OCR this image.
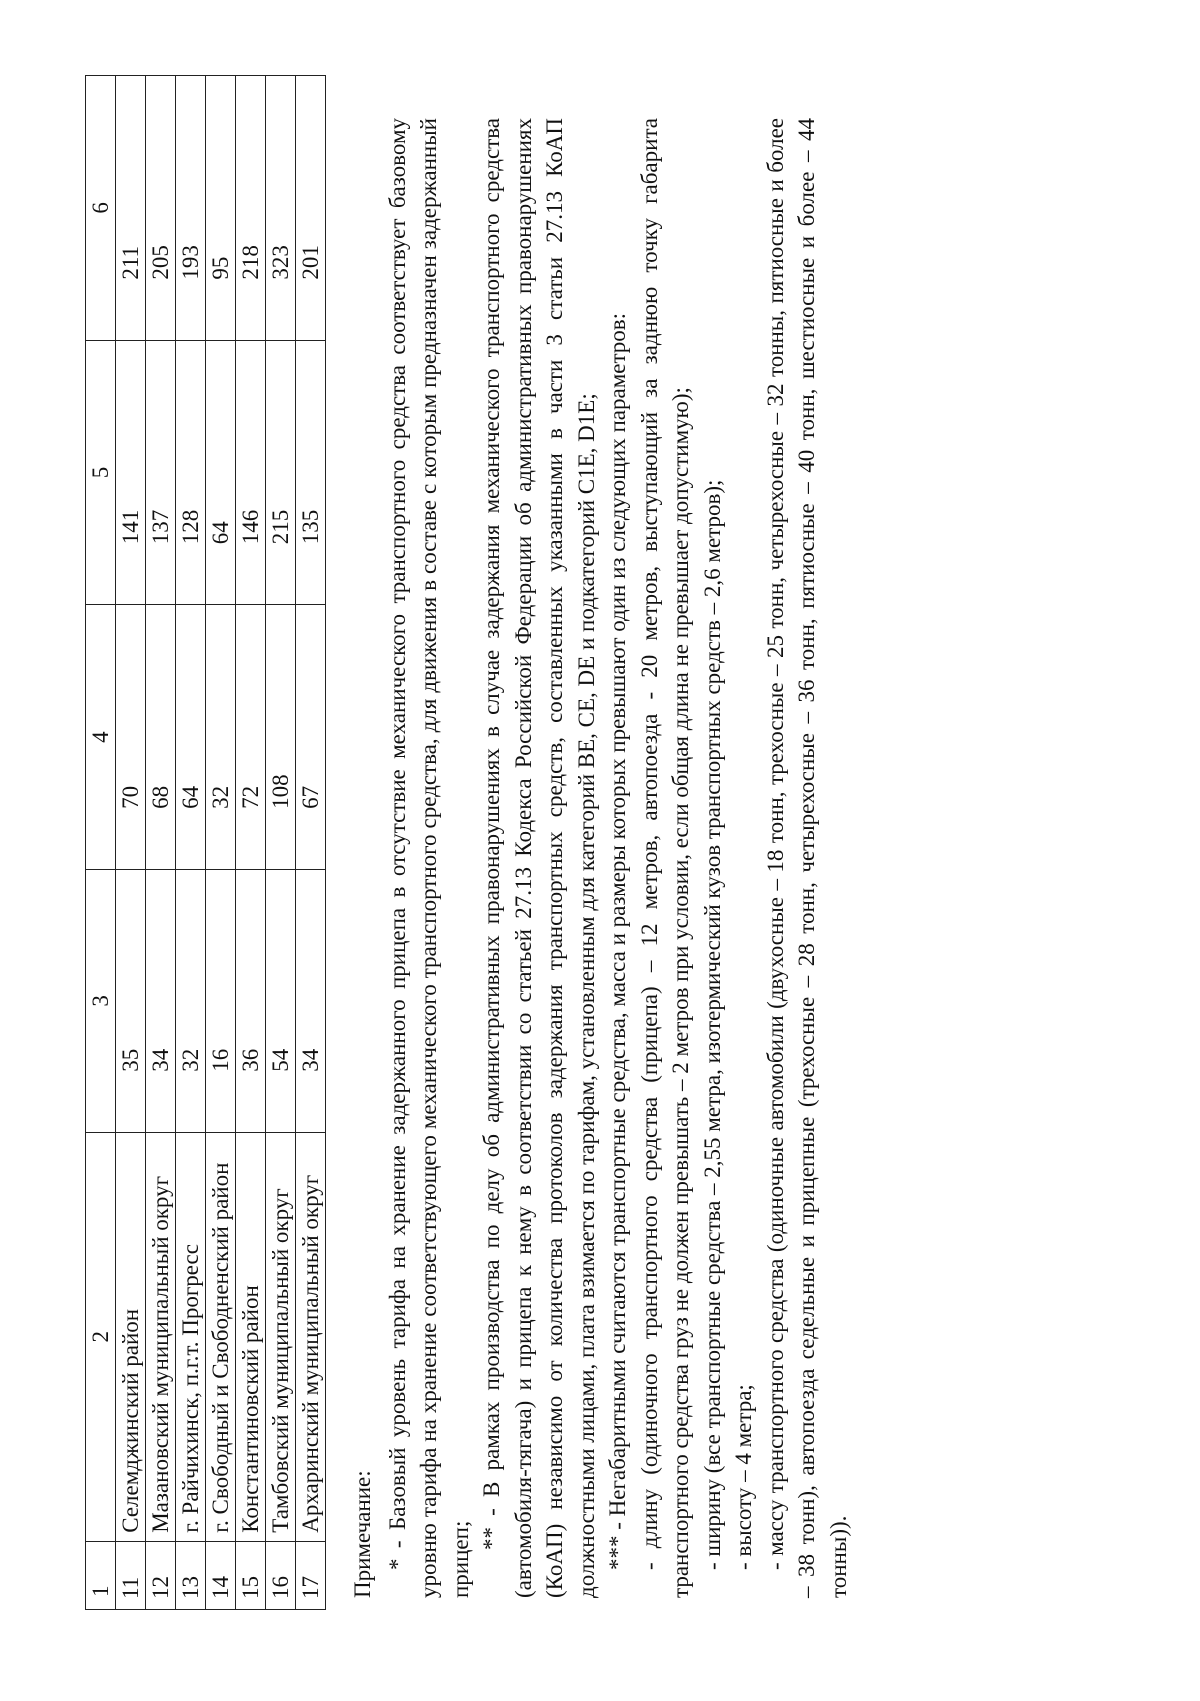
1	2	3	4	5	6
11	Селемджинский район	35	70	141	211
12	Мазановский муниципальный округ	34	68	137	205
13	г. Райчихинск, п.г.т. Прогресс	32	64	128	193
14	г. Свободный и Свободненский район	16	32	64	95
15	Константиновский район	36	72	146	218
16	Тамбовский муниципальный округ	54	108	215	323
17	Архаринский муниципальный округ	34	67	135	201

Примечание: * - Базовый уровень тарифа на хранение задержанного прицепа в отсутствие механического транспортного средства соответствует базовому уровню тарифа на хранение соответствующего механического транспортного средства, для движения в составе с которым предназначен задержанный прицеп;

** - В рамках производства по делу об административных правонарушениях в случае задержания механического транспортного средства (автомобиля-тягача) и прицепа к нему в соответствии со статьей 27.13 Кодекса Российской Федерации об административных правонарушениях (КоАП) независимо от количества протоколов задержания транспортных средств, составленных указанными в части 3 статьи 27.13 КоАП должностными лицами, плата взимается по тарифам, установленным для категорий BE, CE, DE и подкатегорий C1E, D1E; *** - Негабаритными считаются транспортные средства, масса и размеры которых превышают один из следующих параметров: - длину (одиночного транспортного средства (прицепа) – 12 метров, автопоезда - 20 метров, выступающий за заднюю точку габарита транспортного средства груз не должен превышать – 2 метров при условии, если общая длина не превышает допустимую); - ширину (все транспортные средства – 2,55 метра, изотермический кузов транспортных средств – 2,6 метров); - высоту – 4 метра; - массу транспортного средства (одиночные автомобили (двухосные – 18 тонн, трехосные – 25 тонн, четырехосные – 32 тонны, пятиосные и более – 38 тонн), автопоезда седельные и прицепные (трехосные – 28 тонн, четырехосные – 36 тонн, пятиосные – 40 тонн, шестиосные и более – 44 тонны)).
